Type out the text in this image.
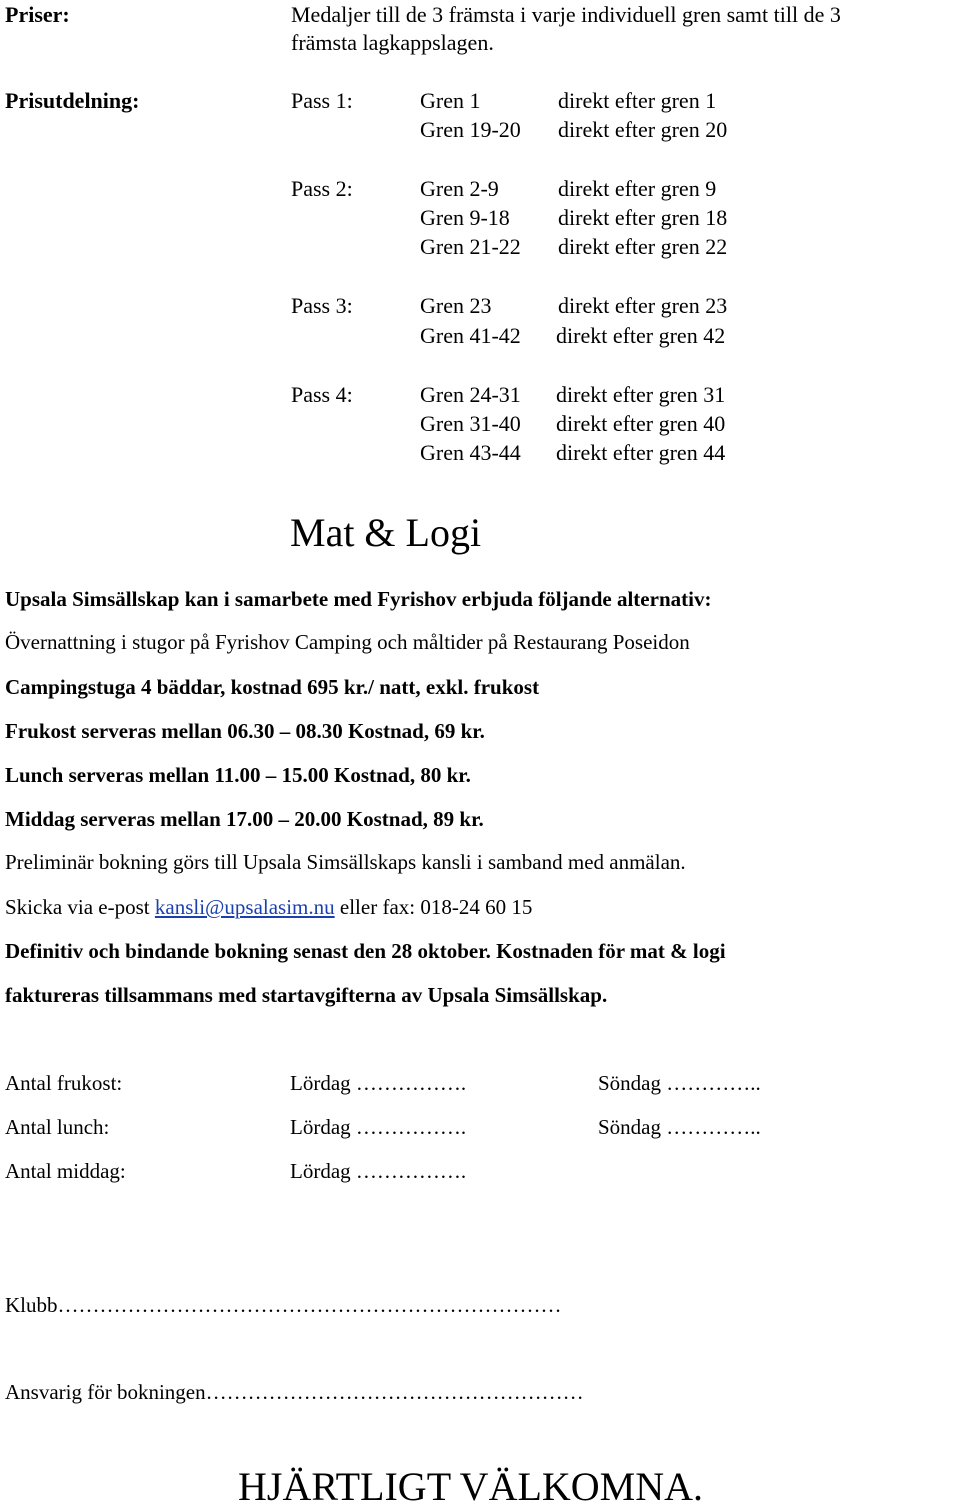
Priser:	Medaljer till de 3 främsta i varje individuell gren samt till de 3
främsta lagkappslagen.
Prisutdelning:	Pass 1:	Gren 1	direkt efter gren 1
Gren 19-20 direkt efter gren 20
Pass 2:	Gren 2-9	direkt efter gren 9
Gren 9-18 direkt efter gren 18
Gren 21-22 direkt efter gren 22
Pass 3:	Gren 23	direkt efter gren 23
Gren 41-42 direkt efter gren 42
Pass 4:	Gren 24-31 direkt efter gren 31
Gren 31-40 direkt efter gren 40
Gren 43-44 direkt efter gren 44
Mat & Logi
Upsala Simsällskap kan i samarbete med Fyrishov erbjuda följande alternativ:
Övernattning i stugor på Fyrishov Camping och måltider på Restaurang Poseidon
Campingstuga 4 bäddar, kostnad 695 kr./ natt, exkl. frukost
Frukost serveras mellan 06.30 – 08.30 Kostnad, 69 kr.
Lunch serveras mellan 11.00 – 15.00 Kostnad, 80 kr.
Middag serveras mellan 17.00 – 20.00 Kostnad, 89 kr.
Preliminär bokning görs till Upsala Simsällskaps kansli i samband med anmälan.
Skicka via e-post kansli@upsalasim.nu eller fax: 018-24 60 15
Definitiv och bindande bokning senast den 28 oktober. Kostnaden för mat & logi
faktureras tillsammans med startavgifterna av Upsala Simsällskap.
Antal frukost:	Lördag …………….	Söndag …………..
Antal lunch:	Lördag …………….	Söndag …………..
Antal middag:	Lördag …………….
Klubb………………………………………………………………
Ansvarig för bokningen………………………………………………
HJÄRTLIGT VÄLKOMNA.
